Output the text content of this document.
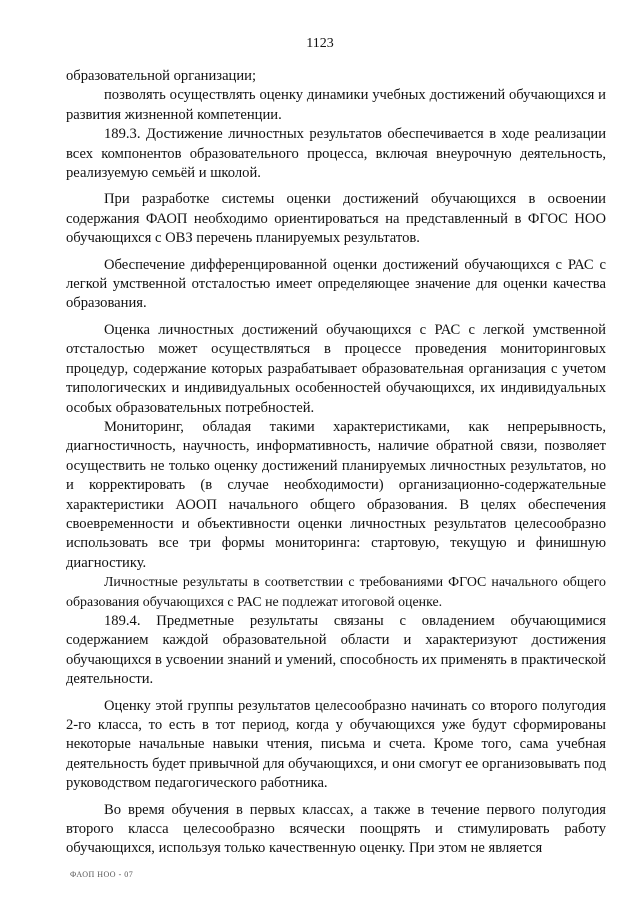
1123

образовательной организации;

позволять осуществлять оценку динамики учебных достижений обучающихся и развития жизненной компетенции.

189.3. Достижение личностных результатов обеспечивается в ходе реализации всех компонентов образовательного процесса, включая внеурочную деятельность, реализуемую семьёй и школой.

При разработке системы оценки достижений обучающихся в освоении содержания ФАОП необходимо ориентироваться на представленный в ФГОС НОО обучающихся с ОВЗ перечень планируемых результатов.

Обеспечение дифференцированной оценки достижений обучающихся с РАС с легкой умственной отсталостью имеет определяющее значение для оценки качества образования.

Оценка личностных достижений обучающихся с РАС с легкой умственной отсталостью может осуществляться в процессе проведения мониторинговых процедур, содержание которых разрабатывает образовательная организация с учетом типологических и индивидуальных особенностей обучающихся, их индивидуальных особых образовательных потребностей.

Мониторинг, обладая такими характеристиками, как непрерывность, диагностичность, научность, информативность, наличие обратной связи, позволяет осуществить не только оценку достижений планируемых личностных результатов, но и корректировать (в случае необходимости) организационно-содержательные характеристики АООП начального общего образования. В целях обеспечения своевременности и объективности оценки личностных результатов целесообразно использовать все три формы мониторинга: стартовую, текущую и финишную диагностику.

Личностные результаты в соответствии с требованиями ФГОС начального общего образования обучающихся с РАС не подлежат итоговой оценке.

189.4. Предметные результаты связаны с овладением обучающимися содержанием каждой образовательной области и характеризуют достижения обучающихся в усвоении знаний и умений, способность их применять в практической деятельности.

Оценку этой группы результатов целесообразно начинать со второго полугодия 2-го класса, то есть в тот период, когда у обучающихся уже будут сформированы некоторые начальные навыки чтения, письма и счета. Кроме того, сама учебная деятельность будет привычной для обучающихся, и они смогут ее организовывать под руководством педагогического работника.

Во время обучения в первых классах, а также в течение первого полугодия второго класса целесообразно всячески поощрять и стимулировать работу обучающихся, используя только качественную оценку. При этом не является

ФАОП НОО - 07
